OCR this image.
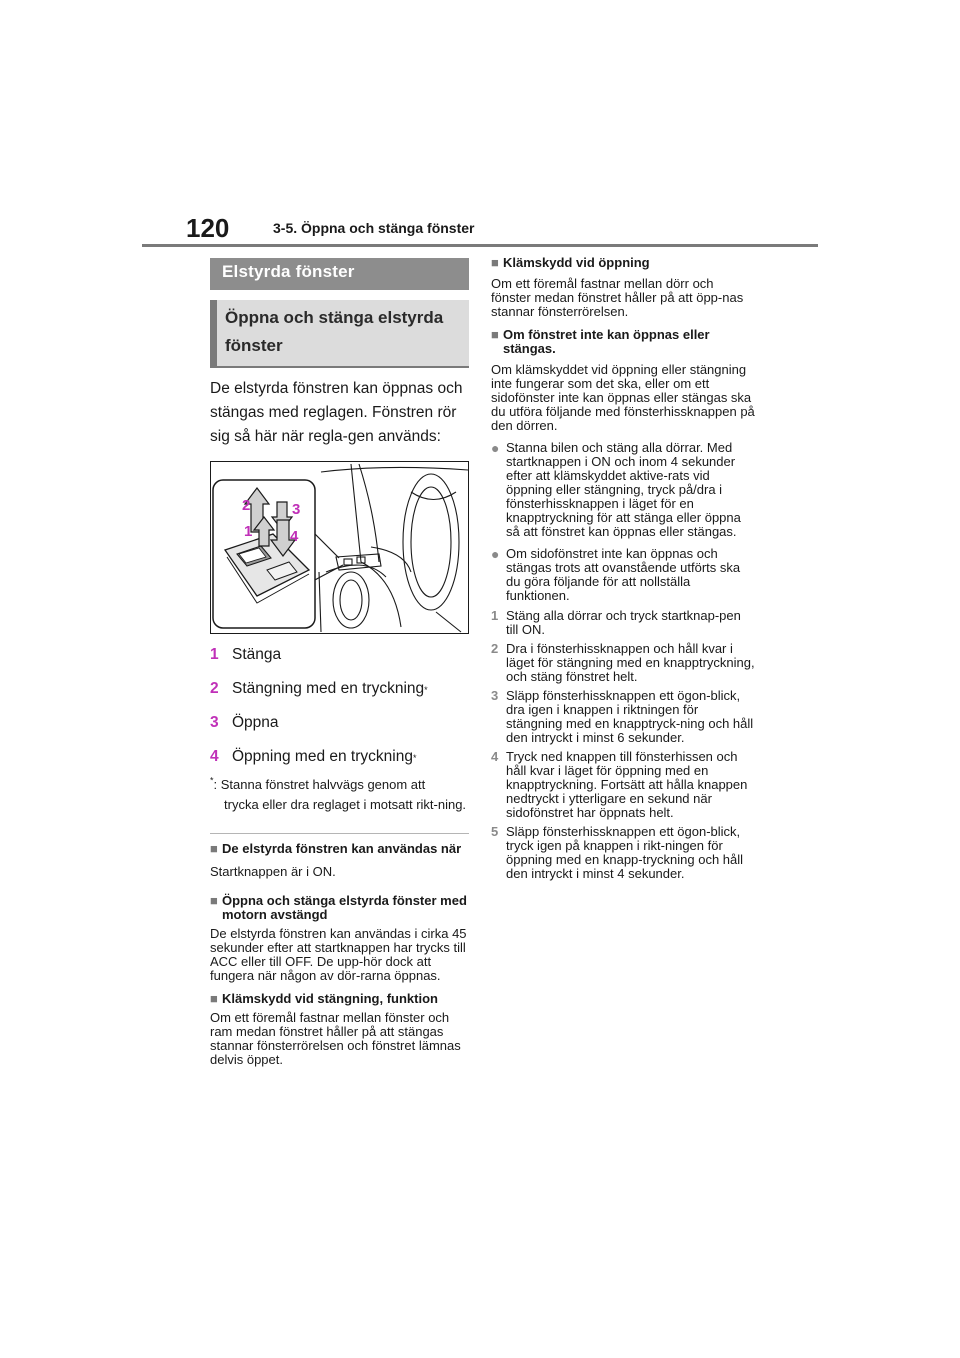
120	3-5. Öppna och stänga fönster
Elstyrda fönster
Öppna och stänga elstyrda fönster

De elstyrda fönstren kan öppnas och stängas med reglagen. Fönstren rör sig så här när regla-gen används:

2	3
1	4
1 Stänga
2 Stängning med en tryckning *
3 Öppna
4 Öppning med en tryckning *
*: Stanna fönstret halvvägs genom att
trycka eller dra reglaget i motsatt rikt-ning.
■ De elstyrda fönstren kan användas när
Startknappen är i ON.
■ Öppna och stänga elstyrda fönster med motorn avstängd
De elstyrda fönstren kan användas i cirka 45 sekunder efter att startknappen har trycks till ACC eller till OFF. De upp-hör dock att fungera när någon av dör-rarna öppnas.
■ Klämskydd vid stängning, funktion
Om ett föremål fastnar mellan fönster och ram medan fönstret håller på att stängas stannar fönsterrörelsen och fönstret lämnas delvis öppet.
■ Klämskydd vid öppning
Om ett föremål fastnar mellan dörr och fönster medan fönstret håller på att öpp-nas stannar fönsterrörelsen.
■ Om fönstret inte kan öppnas eller stängas.
Om klämskyddet vid öppning eller stängning inte fungerar som det ska, eller om ett sidofönster inte kan öppnas eller stängas ska du utföra följande med fönsterhissknappen på den dörren.
● Stanna bilen och stäng alla dörrar. Med startknappen i ON och inom 4 sekunder efter att klämskyddet aktive-rats vid öppning eller stängning, tryck på/dra i fönsterhissknappen i läget för en knapptryckning för att stänga eller öppna så att fönstret kan öppnas eller stängas.
● Om sidofönstret inte kan öppnas och stängas trots att ovanstående utförts ska du göra följande för att nollställa funktionen.
1 Stäng alla dörrar och tryck startknap-pen till ON.
2 Dra i fönsterhissknappen och håll kvar i läget för stängning med en knapptryckning, och stäng fönstret helt.
3 Släpp fönsterhissknappen ett ögon-blick, dra igen i knappen i riktningen för stängning med en knapptryck-ning och håll den intryckt i minst 6 sekunder.
4 Tryck ned knappen till fönsterhissen och håll kvar i läget för öppning med en knapptryckning. Fortsätt att hålla knappen nedtryckt i ytterligare en sekund när sidofönstret har öppnats helt.
5 Släpp fönsterhissknappen ett ögon-blick, tryck igen på knappen i rikt-ningen för öppning med en knapp-tryckning och håll den intryckt i minst 4 sekunder.
